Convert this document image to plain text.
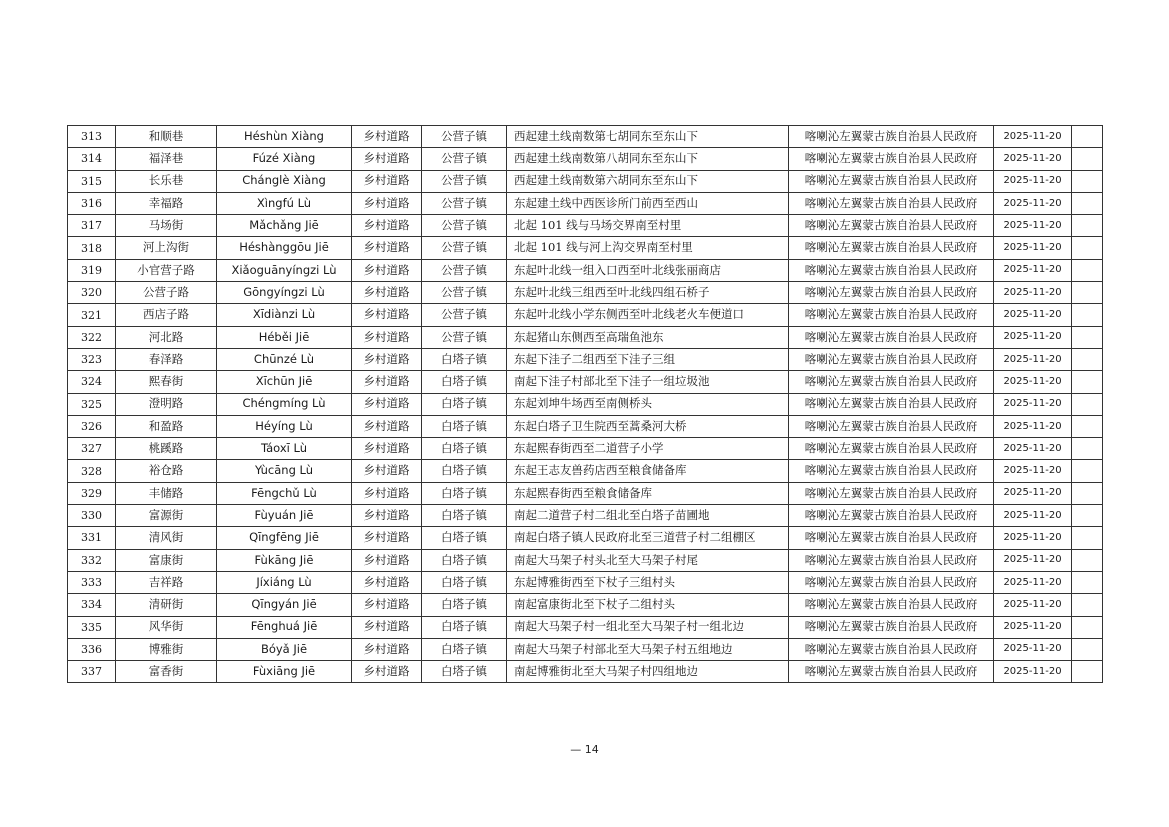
313	和顺巷	Héshùn Xiàng	乡村道路	公营子镇	西起建土线南数第七胡同东至东山下	喀喇沁左翼蒙古族自治县人民政府	2025-11-20	
314	福泽巷	Fúzé Xiàng	乡村道路	公营子镇	西起建土线南数第八胡同东至东山下	喀喇沁左翼蒙古族自治县人民政府	2025-11-20	
315	长乐巷	Chánglè Xiàng	乡村道路	公营子镇	西起建土线南数第六胡同东至东山下	喀喇沁左翼蒙古族自治县人民政府	2025-11-20	
316	幸福路	Xìngfú Lù	乡村道路	公营子镇	东起建土线中西医诊所门前西至西山	喀喇沁左翼蒙古族自治县人民政府	2025-11-20	
317	马场街	Mǎchǎng Jiē	乡村道路	公营子镇	北起 101 线与马场交界南至村里	喀喇沁左翼蒙古族自治县人民政府	2025-11-20	
318	河上沟街	Héshànggōu Jiē	乡村道路	公营子镇	北起 101 线与河上沟交界南至村里	喀喇沁左翼蒙古族自治县人民政府	2025-11-20	
319	小官营子路	Xiǎoguānyíngzi Lù	乡村道路	公营子镇	东起叶北线一组入口西至叶北线张丽商店	喀喇沁左翼蒙古族自治县人民政府	2025-11-20	
320	公营子路	Gōngyíngzi Lù	乡村道路	公营子镇	东起叶北线三组西至叶北线四组石桥子	喀喇沁左翼蒙古族自治县人民政府	2025-11-20	
321	西店子路	Xīdiànzi Lù	乡村道路	公营子镇	东起叶北线小学东侧西至叶北线老火车便道口	喀喇沁左翼蒙古族自治县人民政府	2025-11-20	
322	河北路	Héběi Jiē	乡村道路	公营子镇	东起猪山东侧西至高瑞鱼池东	喀喇沁左翼蒙古族自治县人民政府	2025-11-20	
323	春泽路	Chūnzé Lù	乡村道路	白塔子镇	东起下洼子二组西至下洼子三组	喀喇沁左翼蒙古族自治县人民政府	2025-11-20	
324	熙春街	Xīchūn Jiē	乡村道路	白塔子镇	南起下洼子村部北至下洼子一组垃圾池	喀喇沁左翼蒙古族自治县人民政府	2025-11-20	
325	澄明路	Chéngmíng Lù	乡村道路	白塔子镇	东起刘坤牛场西至南侧桥头	喀喇沁左翼蒙古族自治县人民政府	2025-11-20	
326	和盈路	Héyíng Lù	乡村道路	白塔子镇	东起白塔子卫生院西至蒿桑河大桥	喀喇沁左翼蒙古族自治县人民政府	2025-11-20	
327	桃蹊路	Táoxī Lù	乡村道路	白塔子镇	东起熙春街西至二道营子小学	喀喇沁左翼蒙古族自治县人民政府	2025-11-20	
328	裕仓路	Yùcāng Lù	乡村道路	白塔子镇	东起王志友兽药店西至粮食储备库	喀喇沁左翼蒙古族自治县人民政府	2025-11-20	
329	丰储路	Fēngchǔ Lù	乡村道路	白塔子镇	东起熙春街西至粮食储备库	喀喇沁左翼蒙古族自治县人民政府	2025-11-20	
330	富源街	Fùyuán Jiē	乡村道路	白塔子镇	南起二道营子村二组北至白塔子苗圃地	喀喇沁左翼蒙古族自治县人民政府	2025-11-20	
331	清风街	Qīngfēng Jiē	乡村道路	白塔子镇	南起白塔子镇人民政府北至三道营子村二组棚区	喀喇沁左翼蒙古族自治县人民政府	2025-11-20	
332	富康街	Fùkāng Jiē	乡村道路	白塔子镇	南起大马架子村头北至大马架子村尾	喀喇沁左翼蒙古族自治县人民政府	2025-11-20	
333	吉祥路	Jíxiáng Lù	乡村道路	白塔子镇	东起博雅街西至下杖子三组村头	喀喇沁左翼蒙古族自治县人民政府	2025-11-20	
334	清研街	Qīngyán Jiē	乡村道路	白塔子镇	南起富康街北至下杖子二组村头	喀喇沁左翼蒙古族自治县人民政府	2025-11-20	
335	风华街	Fēnghuá Jiē	乡村道路	白塔子镇	南起大马架子村一组北至大马架子村一组北边	喀喇沁左翼蒙古族自治县人民政府	2025-11-20	
336	博雅街	Bóyǎ Jiē	乡村道路	白塔子镇	南起大马架子村部北至大马架子村五组地边	喀喇沁左翼蒙古族自治县人民政府	2025-11-20	
337	富香街	Fùxiāng Jiē	乡村道路	白塔子镇	南起博雅街北至大马架子村四组地边	喀喇沁左翼蒙古族自治县人民政府	2025-11-20	
— 14
